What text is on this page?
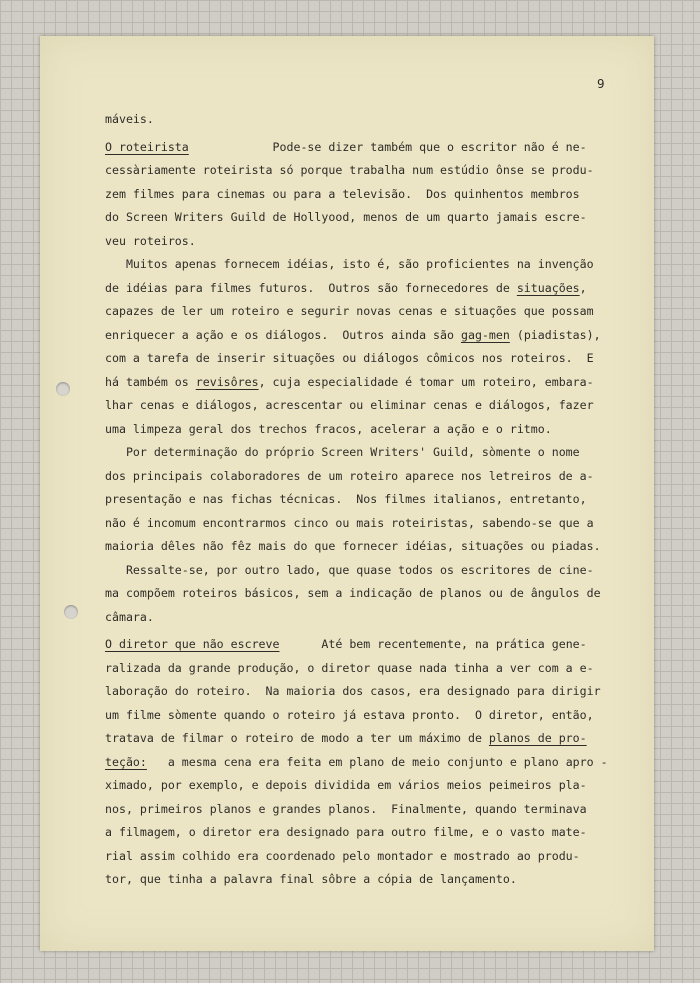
9
máveis.
O roteirista            Pode-se dizer também que o escritor não é ne-
cessàriamente roteirista só porque trabalha num estúdio ônse se produ-
zem filmes para cinemas ou para a televisão.  Dos quinhentos membros
do Screen Writers Guild de Hollyood, menos de um quarto jamais escre-
veu roteiros.
Muitos apenas fornecem idéias, isto é, são proficientes na invenção
de idéias para filmes futuros.  Outros são fornecedores de situações,
capazes de ler um roteiro e segurir novas cenas e situações que possam
enriquecer a ação e os diálogos.  Outros ainda são gag-men (piadistas),
com a tarefa de inserir situações ou diálogos cômicos nos roteiros.  E
há também os revisôres, cuja especialidade é tomar um roteiro, embara-
lhar cenas e diálogos, acrescentar ou eliminar cenas e diálogos, fazer
uma limpeza geral dos trechos fracos, acelerar a ação e o ritmo.
Por determinação do próprio Screen Writers' Guild, sòmente o nome
dos principais colaboradores de um roteiro aparece nos letreiros de a-
presentação e nas fichas técnicas.  Nos filmes italianos, entretanto,
não é incomum encontrarmos cinco ou mais roteiristas, sabendo-se que a
maioria dêles não fêz mais do que fornecer idéias, situações ou piadas.
Ressalte-se, por outro lado, que quase todos os escritores de cine-
ma compõem roteiros básicos, sem a indicação de planos ou de ângulos de
câmara.
O diretor que não escreve      Até bem recentemente, na prática gene-
ralizada da grande produção, o diretor quase nada tinha a ver com a e-
laboração do roteiro.  Na maioria dos casos, era designado para dirigir
um filme sòmente quando o roteiro já estava pronto.  O diretor, então,
tratava de filmar o roteiro de modo a ter um máximo de planos de pro-
teção:   a mesma cena era feita em plano de meio conjunto e plano apro -
ximado, por exemplo, e depois dividida em vários meios peimeiros pla-
nos, primeiros planos e grandes planos.  Finalmente, quando terminava
a filmagem, o diretor era designado para outro filme, e o vasto mate-
rial assim colhido era coordenado pelo montador e mostrado ao produ-
tor, que tinha a palavra final sôbre a cópia de lançamento.
